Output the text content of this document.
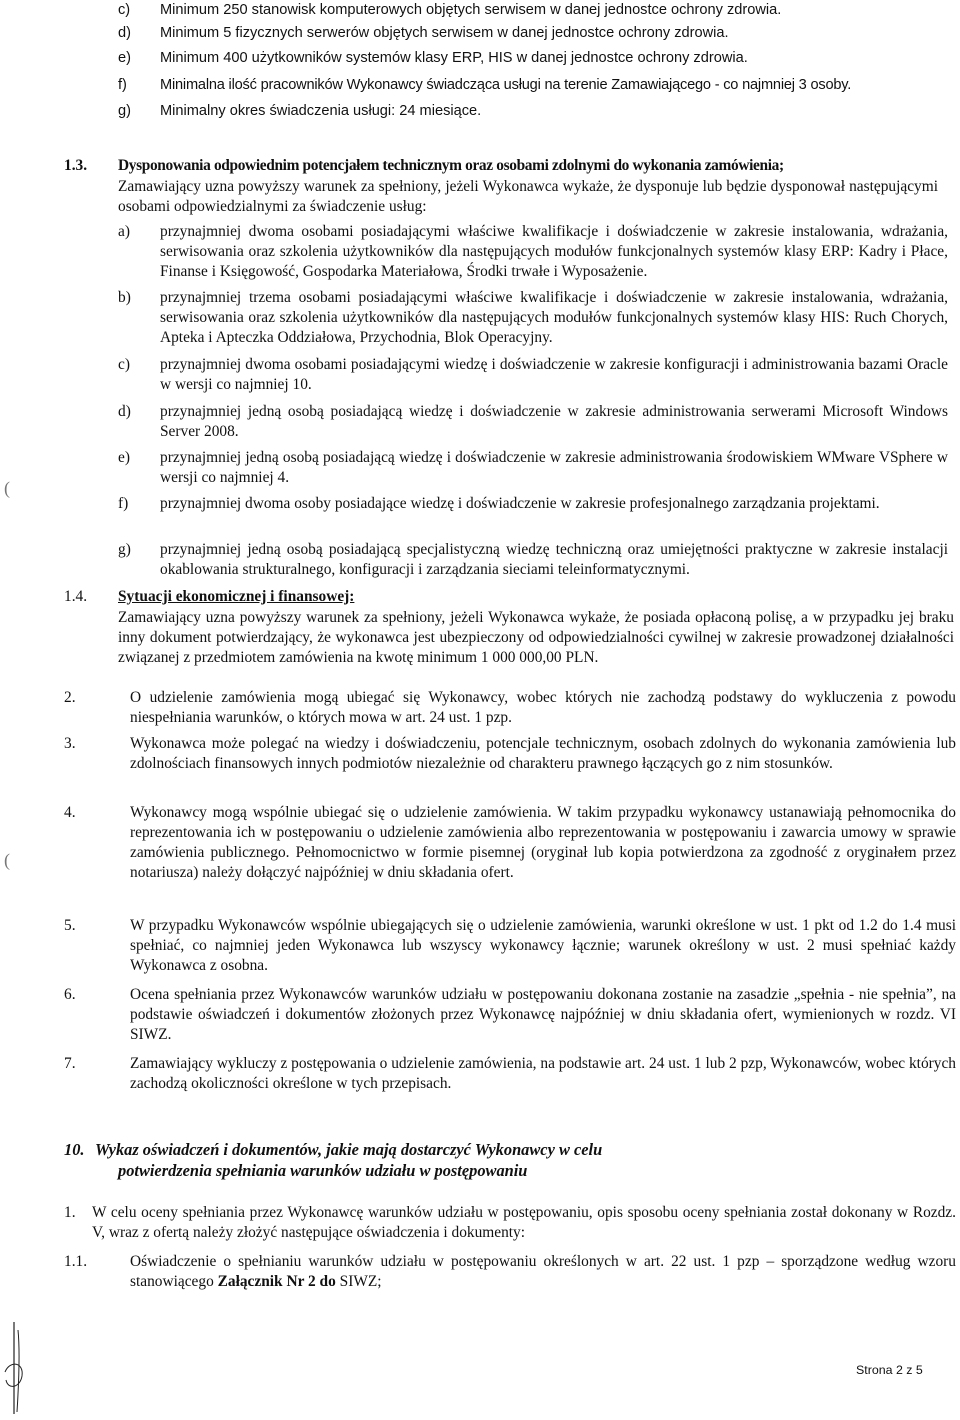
c)	Minimum 250 stanowisk komputerowych objętych serwisem w danej jednostce ochrony zdrowia.
d)	Minimum 5 fizycznych serwerów objętych serwisem w danej jednostce ochrony zdrowia.
e)	Minimum 400 użytkowników systemów klasy ERP, HIS w danej jednostce ochrony zdrowia.
f)	Minimalna ilość pracowników Wykonawcy świadcząca usługi na terenie Zamawiającego - co najmniej 3 osoby.
g)	Minimalny okres świadczenia usługi: 24 miesiące.
1.3. Dysponowania odpowiednim potencjałem technicznym oraz osobami zdolnymi do wykonania zamówienia;
Zamawiający uzna powyższy warunek za spełniony, jeżeli Wykonawca wykaże, że dysponuje lub będzie dysponował następującymi osobami odpowiedzialnymi za świadczenie usług:
a)	przynajmniej dwoma osobami posiadającymi właściwe kwalifikacje i doświadczenie w zakresie instalowania, wdrażania, serwisowania oraz szkolenia użytkowników dla następujących modułów funkcjonalnych systemów klasy ERP: Kadry i Płace, Finanse i Księgowość, Gospodarka Materiałowa, Środki trwałe i Wyposażenie.
b)	przynajmniej trzema osobami posiadającymi właściwe kwalifikacje i doświadczenie w zakresie instalowania, wdrażania, serwisowania oraz szkolenia użytkowników dla następujących modułów funkcjonalnych systemów klasy HIS: Ruch Chorych, Apteka i Apteczka Oddziałowa, Przychodnia, Blok Operacyjny.
c)	przynajmniej dwoma osobami posiadającymi wiedzę i doświadczenie w zakresie konfiguracji i administrowania bazami Oracle w wersji co najmniej 10.
d)	przynajmniej jedną osobą posiadającą wiedzę i doświadczenie w zakresie administrowania serwerami Microsoft Windows Server 2008.
e)	przynajmniej jedną osobą posiadającą wiedzę i doświadczenie w zakresie administrowania środowiskiem WMware VSphere w wersji co najmniej 4.
f)	przynajmniej dwoma osoby posiadające wiedzę i doświadczenie w zakresie profesjonalnego zarządzania projektami.
g)	przynajmniej jedną osobą posiadającą specjalistyczną wiedzę techniczną oraz umiejętności praktyczne w zakresie instalacji okablowania strukturalnego, konfiguracji i zarządzania sieciami teleinformatycznymi.
1.4. Sytuacji ekonomicznej i finansowej:
Zamawiający uzna powyższy warunek za spełniony, jeżeli Wykonawca wykaże, że posiada opłaconą polisę, a w przypadku jej braku inny dokument potwierdzający, że wykonawca jest ubezpieczony od odpowiedzialności cywilnej w zakresie prowadzonej działalności związanej z przedmiotem zamówienia na kwotę minimum 1 000 000,00 PLN.
2.	O udzielenie zamówienia mogą ubiegać się Wykonawcy, wobec których nie zachodzą podstawy do wykluczenia z powodu niespełniania warunków, o których mowa w art. 24 ust. 1 pzp.
3.	Wykonawca może polegać na wiedzy i doświadczeniu, potencjale technicznym, osobach zdolnych do wykonania zamówienia lub zdolnościach finansowych innych podmiotów niezależnie od charakteru prawnego łączących go z nim stosunków.
4.	Wykonawcy mogą wspólnie ubiegać się o udzielenie zamówienia. W takim przypadku wykonawcy ustanawiają pełnomocnika do reprezentowania ich w postępowaniu o udzielenie zamówienia albo reprezentowania w postępowaniu i zawarcia umowy w sprawie zamówienia publicznego. Pełnomocnictwo w formie pisemnej (oryginał lub kopia potwierdzona za zgodność z oryginałem przez notariusza) należy dołączyć najpóźniej w dniu składania ofert.
5.	W przypadku Wykonawców wspólnie ubiegających się o udzielenie zamówienia, warunki określone w ust. 1 pkt od 1.2 do 1.4 musi spełniać, co najmniej jeden Wykonawca lub wszyscy wykonawcy łącznie; warunek określony w ust. 2 musi spełniać każdy Wykonawca z osobna.
6.	Ocena spełniania przez Wykonawców warunków udziału w postępowaniu dokonana zostanie na zasadzie „spełnia - nie spełnia”, na podstawie oświadczeń i dokumentów złożonych przez Wykonawcę najpóźniej w dniu składania ofert, wymienionych w rozdz. VI SIWZ.
7.	Zamawiający wykluczy z postępowania o udzielenie zamówienia, na podstawie art. 24 ust. 1 lub 2 pzp, Wykonawców, wobec których zachodzą okoliczności określone w tych przepisach.
10. Wykaz oświadczeń i dokumentów, jakie mają dostarczyć Wykonawcy w celu
potwierdzenia spełniania warunków udziału w postępowaniu
1.	W celu oceny spełniania przez Wykonawcę warunków udziału w postępowaniu, opis sposobu oceny spełniania został dokonany w Rozdz. V, wraz z ofertą należy złożyć następujące oświadczenia i dokumenty:
1.1.	Oświadczenie o spełnianiu warunków udziału w postępowaniu określonych w art. 22 ust. 1 pzp – sporządzone według wzoru stanowiącego Załącznik Nr 2 do SIWZ;
(
(
Strona 2 z 5
